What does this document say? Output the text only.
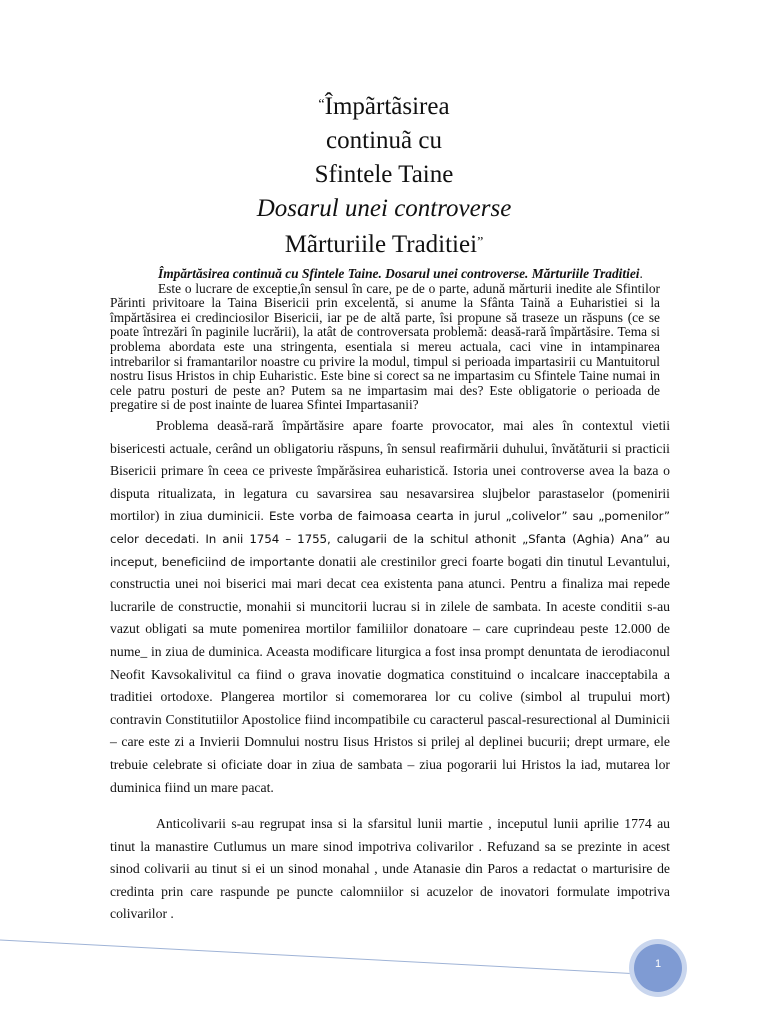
“Împãrtãsirea
continuã cu
Sfintele Taine
Dosarul unei controverse
Mãrturiile Traditiei”
Împărtăsirea continuă cu Sfintele Taine. Dosarul unei controverse. Mărturiile Traditiei.
Este o lucrare de exceptie,în sensul în care, pe de o parte, adună mărturii inedite ale Sfintilor Părinti privitoare la Taina Bisericii prin excelentă, si anume la Sfânta Taină a Euharistiei si la împărtăsirea ei credinciosilor Bisericii, iar pe de altă parte, îsi propune să traseze un răspuns (ce se poate întrezări în paginile lucrării), la atât de controversata problemă: deasă-rară împărtăsire. Tema si problema abordata este una stringenta, esentiala si mereu actuala, caci vine in intampinarea intrebarilor si framantarilor noastre cu privire la modul, timpul si perioada impartasirii cu Mantuitorul nostru Iisus Hristos in chip Euharistic. Este bine si corect sa ne impartasim cu Sfintele Taine numai in cele patru posturi de peste an? Putem sa ne impartasim mai des? Este obligatorie o perioada de pregatire si de post inainte de luarea Sfintei Impartasanii?
Problema deasă-rară împărtăsire apare foarte provocator, mai ales în contextul vietii bisericesti actuale, cerând un obligatoriu răspuns, în sensul reafirmării duhului, învătăturii si practicii Bisericii primare în ceea ce priveste împărăsirea euharistică. Istoria unei controverse avea la baza o disputa ritualizata, in legatura cu savarsirea sau nesavarsirea slujbelor parastaselor (pomenirii mortilor) in ziua duminicii. Este vorba de faimoasa cearta in jurul „colivelor” sau „pomenilor” celor decedati. In anii 1754 – 1755, calugarii de la schitul athonit „Sfanta (Aghia) Ana” au inceput, beneficiind de importante donatii ale crestinilor greci foarte bogati din tinutul Levantului, constructia unei noi biserici mai mari decat cea existenta pana atunci. Pentru a finaliza mai repede lucrarile de constructie, monahii si muncitorii lucrau si in zilele de sambata. In aceste conditii s-au vazut obligati sa mute pomenirea mortilor familiilor donatoare – care cuprindeau peste 12.000 de nume_ in ziua de duminica. Aceasta modificare liturgica a fost insa prompt denuntata de ierodiaconul Neofit Kavsokalivitul ca fiind o grava inovatie dogmatica constituind o incalcare inacceptabila a traditiei ortodoxe. Plangerea mortilor si comemorarea lor cu colive (simbol al trupului mort) contravin Constitutiilor Apostolice fiind incompatibile cu caracterul pascal-resurectional al Duminicii – care este zi a Invierii Domnului nostru Iisus Hristos si prilej al deplinei bucurii; drept urmare, ele trebuie celebrate si oficiate doar in ziua de sambata – ziua pogorarii lui Hristos la iad, mutarea lor duminica fiind un mare pacat.
Anticolivarii s-au regrupat insa si la sfarsitul lunii martie , inceputul lunii aprilie 1774 au tinut la manastire Cutlumus un mare sinod impotriva colivarilor . Refuzand sa se prezinte in acest sinod colivarii au tinut si ei un sinod monahal , unde Atanasie din Paros a redactat o marturisire de credinta prin care raspunde pe puncte calomniilor si acuzelor de inovatori formulate impotriva colivarilor .
1
